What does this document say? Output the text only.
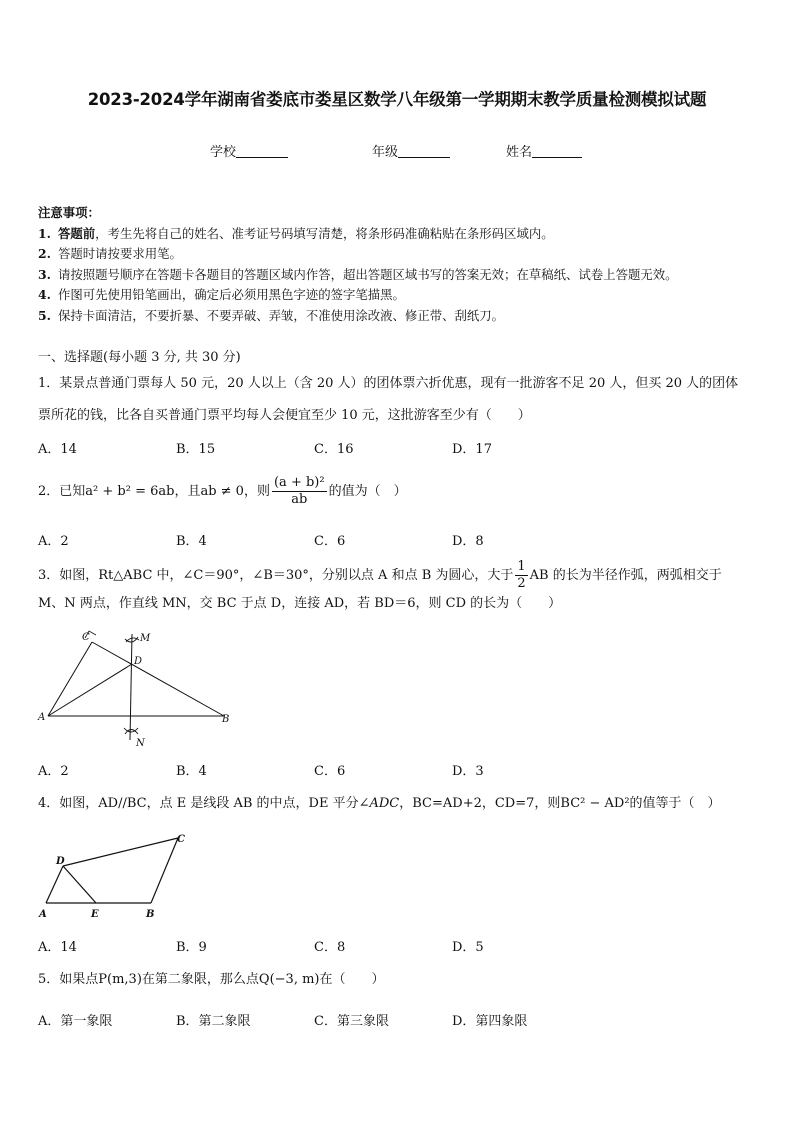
2023-2024学年湖南省娄底市娄星区数学八年级第一学期期末教学质量检测模拟试题
学校	年级	姓名
注意事项：
1. 答题前，考生先将自己的姓名、准考证号码填写清楚，将条形码准确粘贴在条形码区域内。
2. 答题时请按要求用笔。
3. 请按照题号顺序在答题卡各题目的答题区域内作答，超出答题区域书写的答案无效；在草稿纸、试卷上答题无效。
4. 作图可先使用铅笔画出，确定后必须用黑色字迹的签字笔描黑。
5. 保持卡面清洁，不要折暴、不要弄破、弄皱，不准使用涂改液、修正带、刮纸刀。
一、选择题(每小题 3 分, 共 30 分)
1．某景点普通门票每人 50 元，20 人以上（含 20 人）的团体票六折优惠，现有一批游客不足 20 人，但买 20 人的团体
票所花的钱，比各自买普通门票平均每人会便宜至少 10 元，这批游客至少有（　　）
A．14	B．15	C．16	D．17
2．已知a² + b² = 6ab，且ab ≠ 0，则 $\frac{\text{(a + b)²}}{ab}$ 的值为（　）
A．2	B．4	C．6	D．8
3．如图，Rt△ABC 中，∠C＝90°，∠B＝30°，分别以点 A 和点 B 为圆心，大于 $\frac{1}{2}$ AB 的长为半径作弧，两弧相交于
M、N 两点，作直线 MN，交 BC 于点 D，连接 AD，若 BD＝6，则 CD 的长为（　　）
C	M
D
A	B
N
A．2	B．4	C．6	D．3
4．如图，AD//BC，点 E 是线段 AB 的中点，DE 平分∠ADC，BC=AD+2，CD=7，则BC² − AD²的值等于（　）
D
C
A	E	B
A．14	B．9	C．8	D．5
5．如果点P(m,3)在第二象限，那么点Q(−3, m)在（　　）
A．第一象限	B．第二象限	C．第三象限	D．第四象限
